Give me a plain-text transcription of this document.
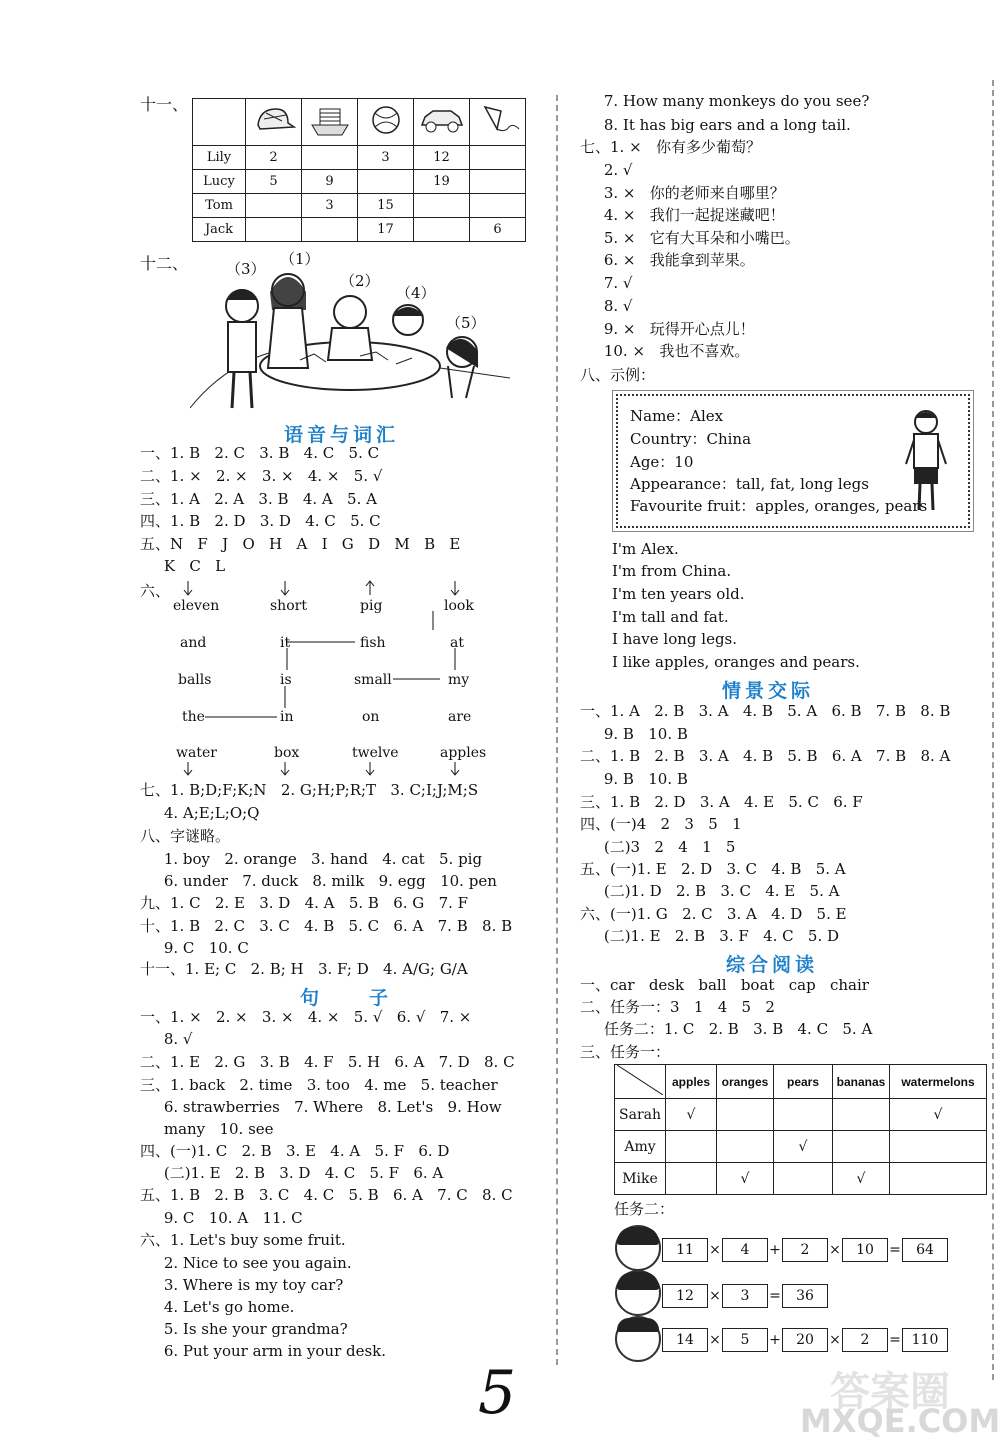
十一、

Lily	2		3	12	
Lucy	5	9		19	
Tom		3	15		
Jack			17		6
十二、	（3）
（1）
（2）
（4）
（5）
语音与词汇
一、1. B   2. C   3. B   4. C   5. C
二、1. ×   2. ×   3. ×   4. ×   5. √
三、1. A   2. A   3. B   4. A   5. A
四、1. B   2. D   3. D   4. C   5. C
五、N   F   J   O   H   A   I   G   D   M   B   E
K   C   L
六、
eleven	short	pig	look
and	it	fish	at
balls	is	small	my
the	in	on	are
water	box	twelve	apples
七、1. B;D;F;K;N   2. G;H;P;R;T   3. C;I;J;M;S
4. A;E;L;O;Q
八、字谜略。
1. boy   2. orange   3. hand   4. cat   5. pig
6. under   7. duck   8. milk   9. egg   10. pen
九、1. C   2. E   3. D   4. A   5. B   6. G   7. F
十、1. B   2. C   3. C   4. B   5. C   6. A   7. B   8. B
9. C   10. C
十一、1. E; C   2. B; H   3. F; D   4. A/G; G/A
句　　子
一、1. ×   2. ×   3. ×   4. ×   5. √   6. √   7. ×
8. √
二、1. E   2. G   3. B   4. F   5. H   6. A   7. D   8. C
三、1. back   2. time   3. too   4. me   5. teacher
6. strawberries   7. Where   8. Let's   9. How
many   10. see
四、(一)1. C   2. B   3. E   4. A   5. F   6. D
(二)1. E   2. B   3. D   4. C   5. F   6. A
五、1. B   2. B   3. C   4. C   5. B   6. A   7. C   8. C
9. C   10. A   11. C
六、1. Let's buy some fruit.
2. Nice to see you again.
3. Where is my toy car?
4. Let's go home.
5. Is she your grandma?
6. Put your arm in your desk.
7. How many monkeys do you see?
8. It has big ears and a long tail.
七、1. ×   你有多少葡萄？
2. √
3. ×   你的老师来自哪里？
4. ×   我们一起捉迷藏吧！
5. ×   它有大耳朵和小嘴巴。
6. ×   我能拿到苹果。
7. √
8. √
9. ×   玩得开心点儿！
10. ×   我也不喜欢。
八、示例：
Name：Alex
Country：China
Age：10
Appearance：tall, fat, long legs
Favourite fruit：apples, oranges, pears
I'm Alex.
I'm from China.
I'm ten years old.
I'm tall and fat.
I have long legs.
I like apples, oranges and pears.
情景交际
一、1. A   2. B   3. A   4. B   5. A   6. B   7. B   8. B
9. B   10. B
二、1. B   2. B   3. A   4. B   5. B   6. A   7. B   8. A
9. B   10. B
三、1. B   2. D   3. A   4. E   5. C   6. F
四、(一)4   2   3   5   1
(二)3   2   4   1   5
五、(一)1. E   2. D   3. C   4. B   5. A
(二)1. D   2. B   3. C   4. E   5. A
六、(一)1. G   2. C   3. A   4. D   5. E
(二)1. E   2. B   3. F   4. C   5. D
综合阅读
一、car   desk   ball   boat   cap   chair
二、任务一：3   1   4   5   2
任务二：1. C   2. B   3. B   4. C   5. A
三、任务一：
	apples	oranges	pears	bananas	watermelons
Sarah	√				√
Amy			√		
Mike		√		√	
任务二：
11 × 4 + 2 × 10 = 64
12 × 3 = 36
14 × 5 + 20 × 2 = 110
5	答案圈
MXQE.COM
